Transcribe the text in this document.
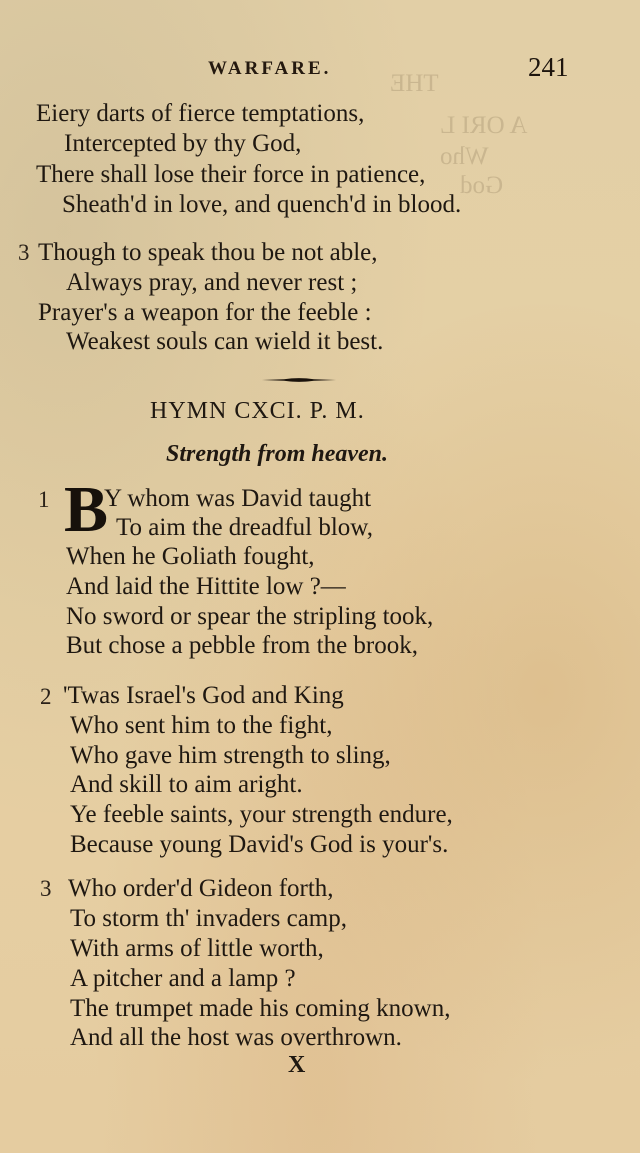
THE
A ORI L
Who
God
WARFARE.	241
Eiery darts of fierce temptations,
Intercepted by thy God,
There shall lose their force in patience,
Sheath'd in love, and quench'd in blood.
3 Though to speak thou be not able,
Always pray, and never rest ;
Prayer's a weapon for the feeble :
Weakest souls can wield it best.
HYMN CXCI. P. M.
Strength from heaven.
1 B
Y whom was David taught
To aim the dreadful blow,
When he Goliath fought,
And laid the Hittite low ?—
No sword or spear the stripling took,
But chose a pebble from the brook,
2 'Twas Israel's God and King
Who sent him to the fight,
Who gave him strength to sling,
And skill to aim aright.
Ye feeble saints, your strength endure,
Because young David's God is your's.
3 Who order'd Gideon forth,
To storm th' invaders camp,
With arms of little worth,
A pitcher and a lamp ?
The trumpet made his coming known,
And all the host was overthrown.
X
